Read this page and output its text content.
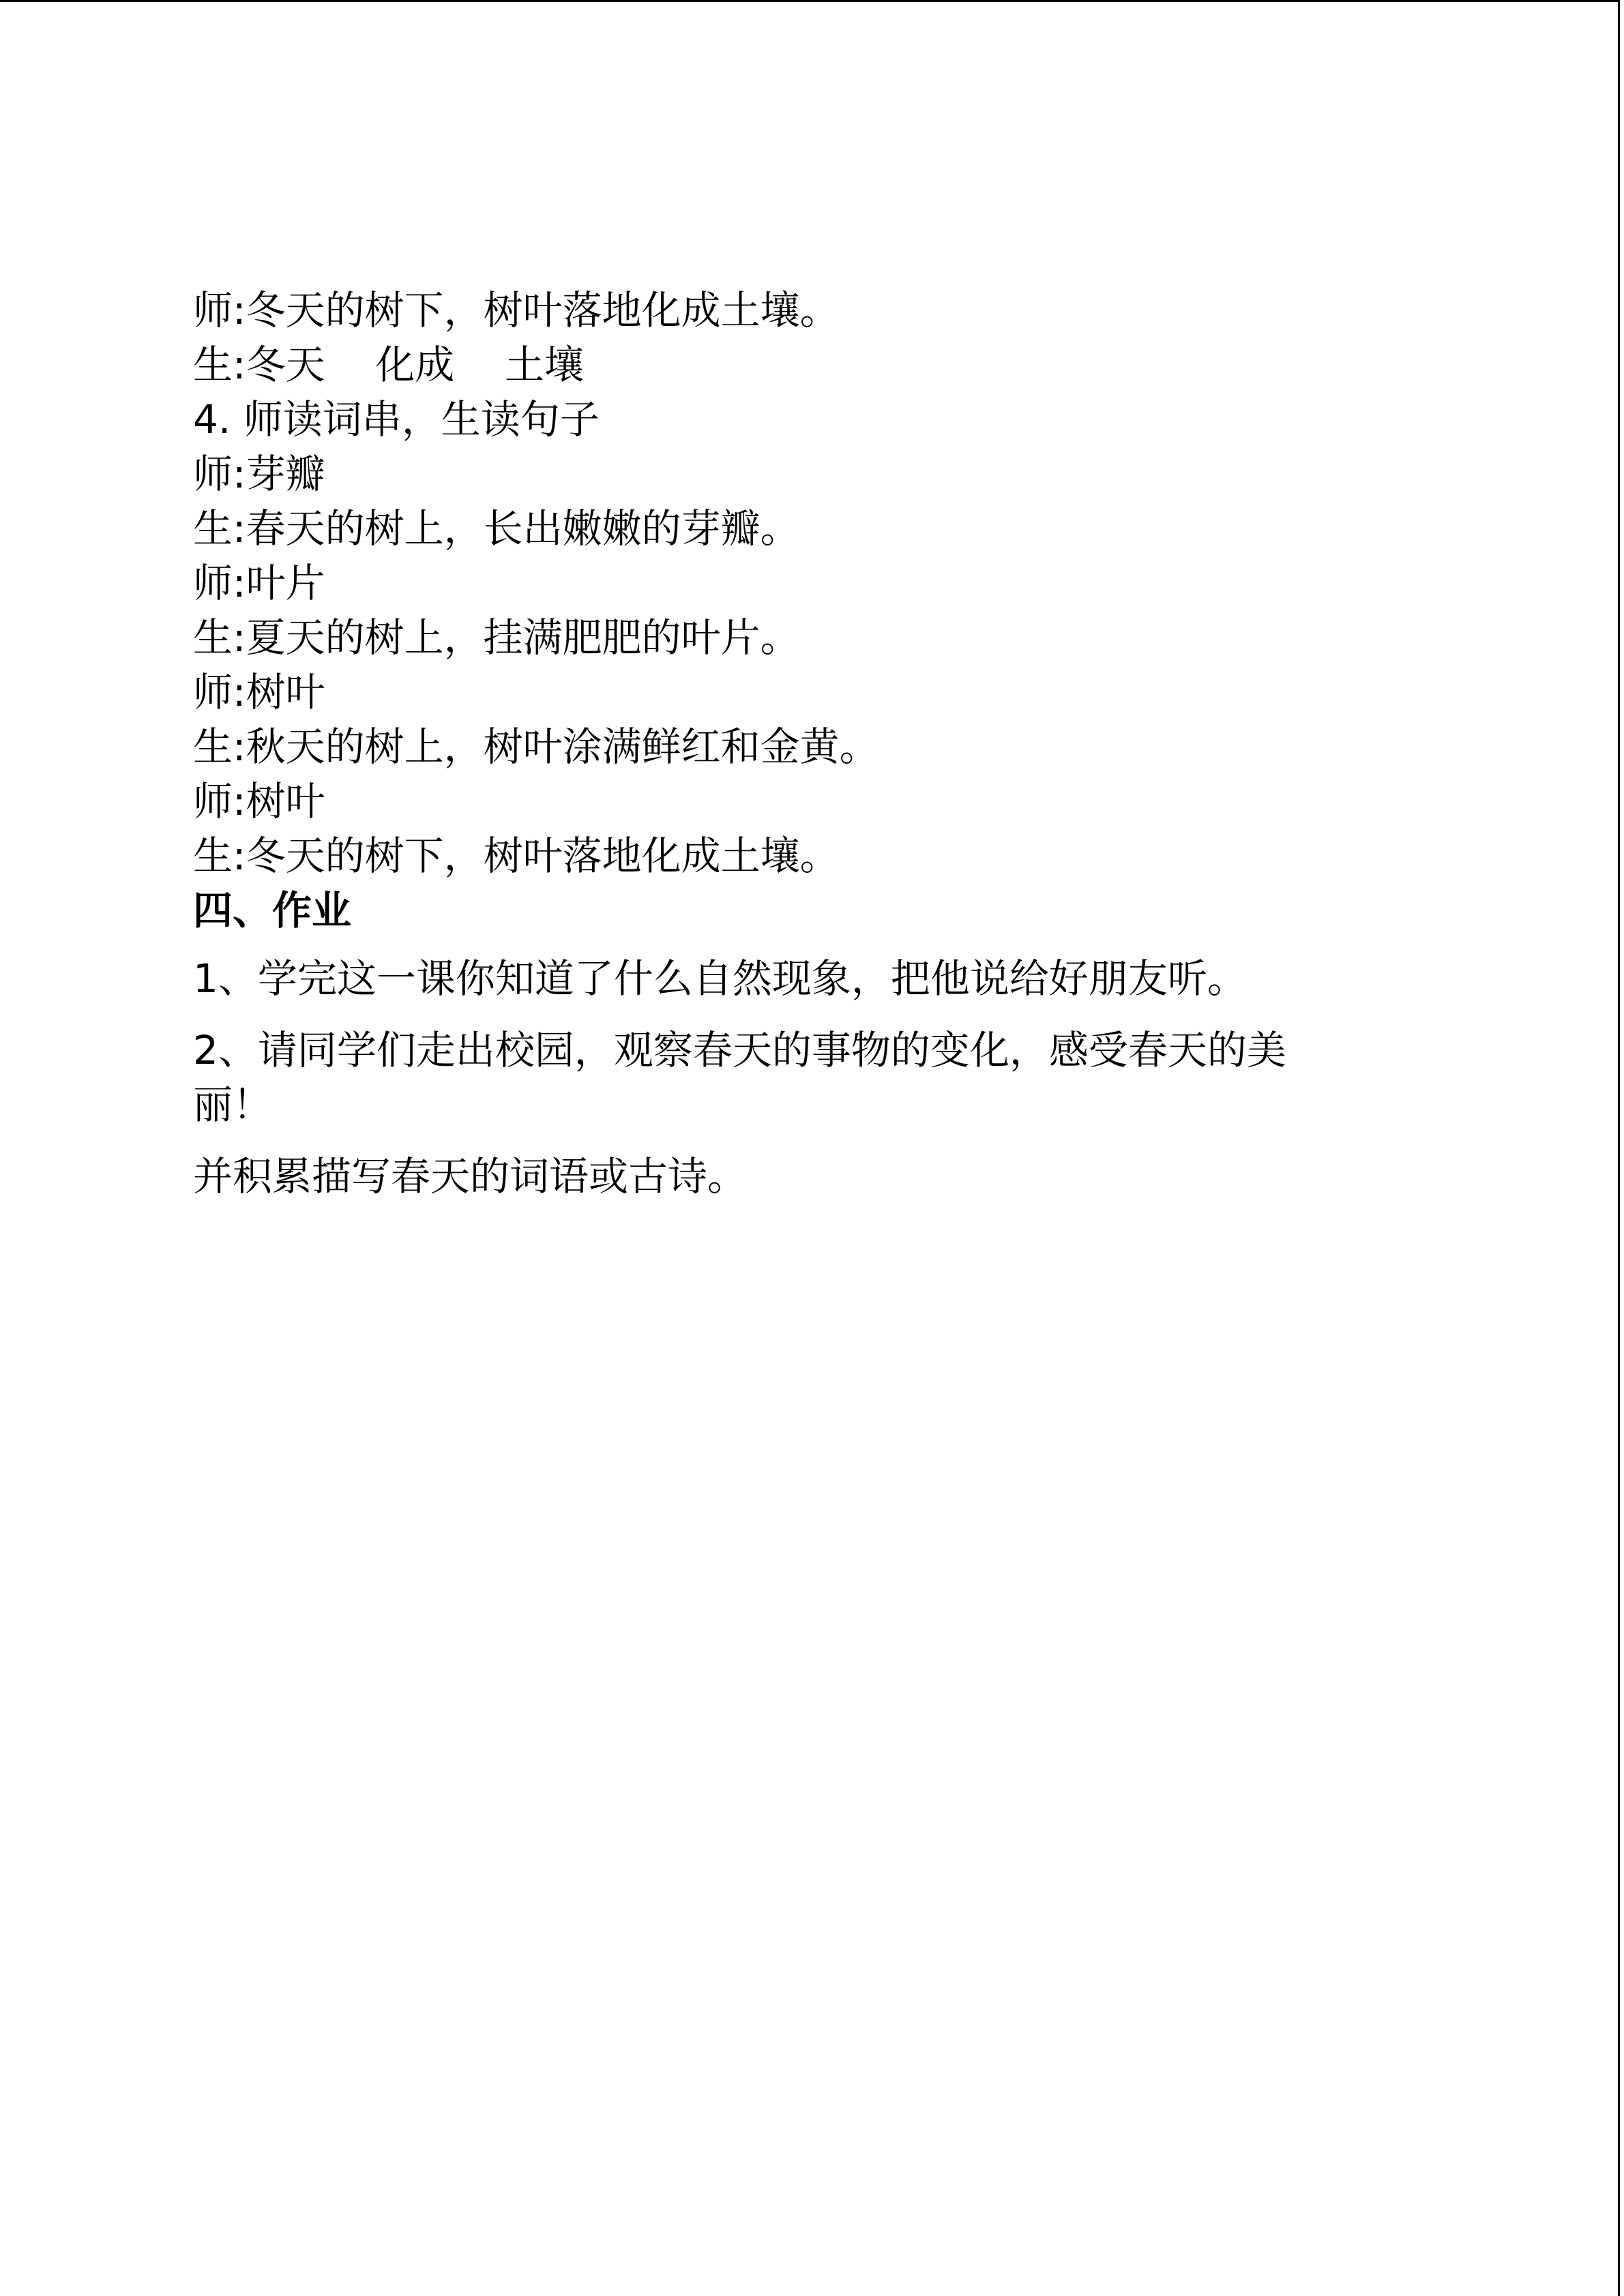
师:冬天的树下，树叶落地化成土壤。

生:冬天    化成    土壤

4. 师读词串，生读句子

师:芽瓣

生:春天的树上，长出嫩嫩的芽瓣。

师:叶片

生:夏天的树上，挂满肥肥的叶片。

师:树叶

生:秋天的树上，树叶涂满鲜红和金黄。

师:树叶

生:冬天的树下，树叶落地化成土壤。

四、作业

1、学完这一课你知道了什么自然现象，把他说给好朋友听。

2、请同学们走出校园，观察春天的事物的变化，感受春天的美

丽！

并积累描写春天的词语或古诗。
